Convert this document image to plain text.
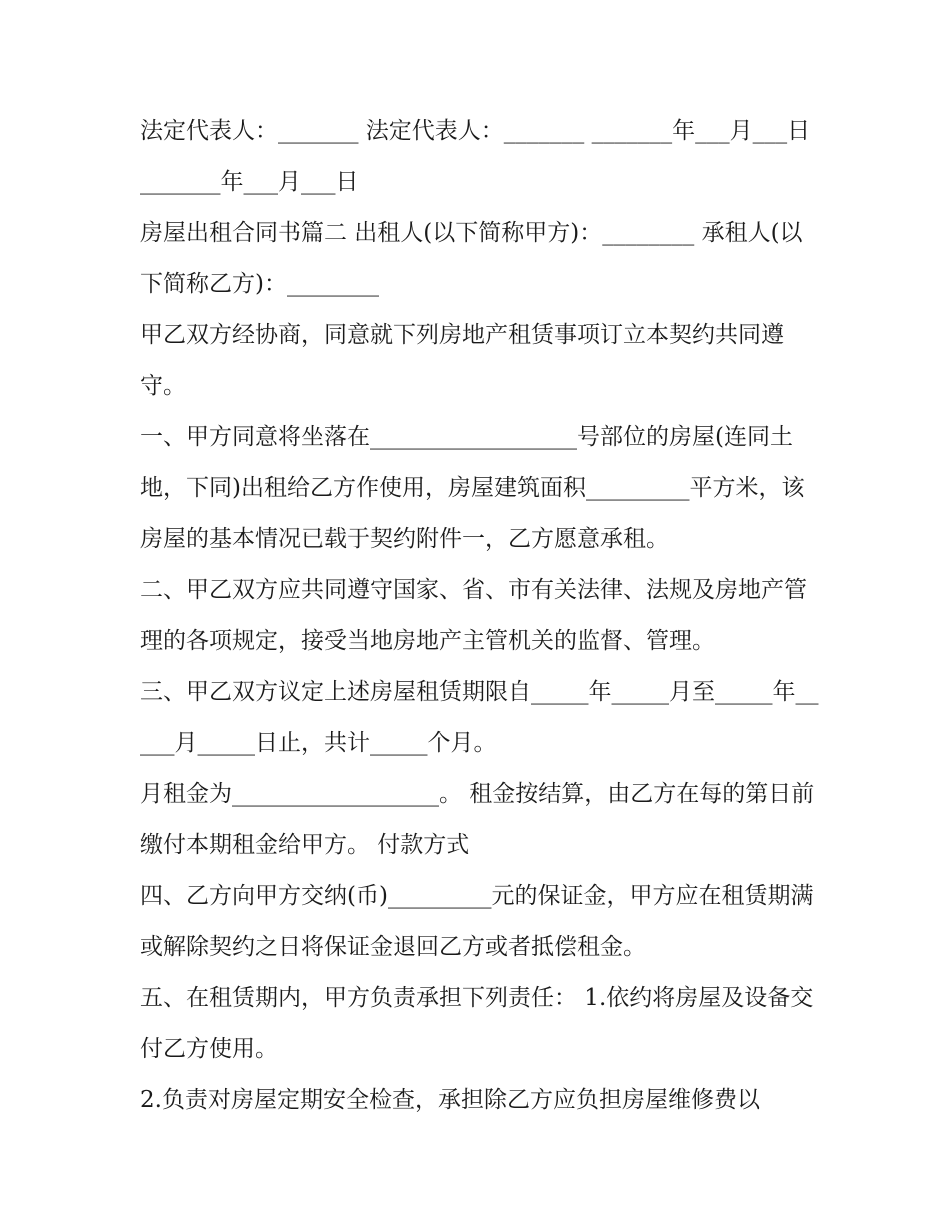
法定代表人：_______ 法定代表人：_______ _______年___月___日 _______年___月___日

房屋出租合同书篇二 出租人(以下简称甲方)：________ 承租人(以下简称乙方)：________

甲乙双方经协商，同意就下列房地产租赁事项订立本契约共同遵守。

一、甲方同意将坐落在__________________号部位的房屋(连同土地，下同)出租给乙方作使用，房屋建筑面积_________平方米，该房屋的基本情况已载于契约附件一，乙方愿意承租。

二、甲乙双方应共同遵守国家、省、市有关法律、法规及房地产管理的各项规定，接受当地房地产主管机关的监督、管理。

三、甲乙双方议定上述房屋租赁期限自_____年_____月至_____年_____月_____日止，共计_____个月。

月租金为__________________。 租金按结算，由乙方在每的第日前缴付本期租金给甲方。 付款方式

四、乙方向甲方交纳(币)_________元的保证金，甲方应在租赁期满或解除契约之日将保证金退回乙方或者抵偿租金。

五、在租赁期内，甲方负责承担下列责任： 1.依约将房屋及设备交付乙方使用。

2.负责对房屋定期安全检查，承担除乙方应负担房屋维修费以
